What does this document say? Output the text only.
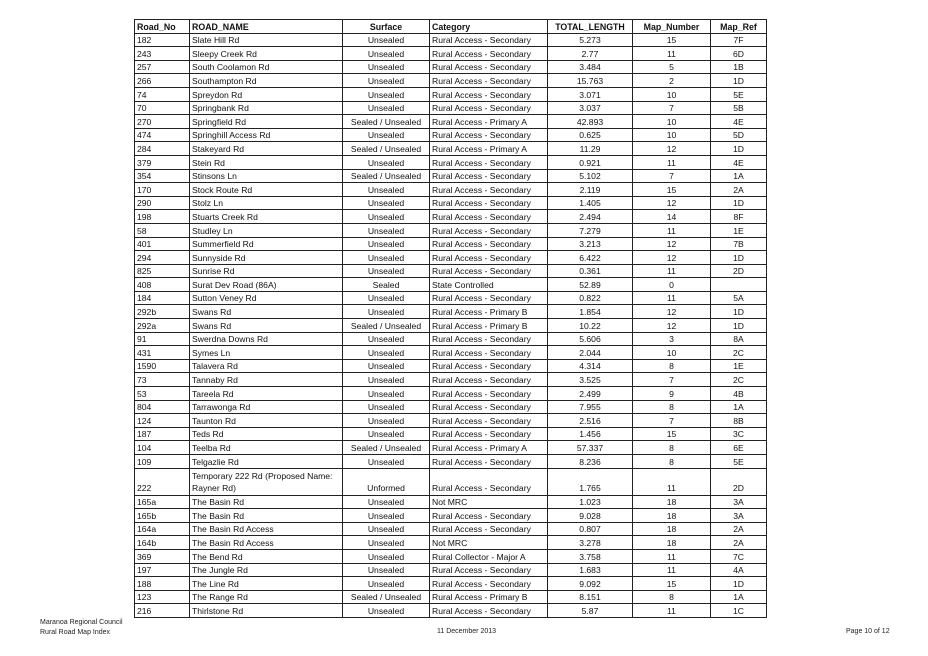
Road_No	ROAD_NAME	Surface	Category	TOTAL_LENGTH	Map_Number	Map_Ref
182	Slate Hill Rd	Unsealed	Rural Access - Secondary	5.273	15	7F
243	Sleepy Creek Rd	Unsealed	Rural Access - Secondary	2.77	11	6D
257	South Coolamon Rd	Unsealed	Rural Access - Secondary	3.484	5	1B
266	Southampton Rd	Unsealed	Rural Access - Secondary	15.763	2	1D
74	Spreydon Rd	Unsealed	Rural Access - Secondary	3.071	10	5E
70	Springbank Rd	Unsealed	Rural Access - Secondary	3.037	7	5B
270	Springfield Rd	Sealed / Unsealed	Rural Access - Primary A	42.893	10	4E
474	Springhill Access Rd	Unsealed	Rural Access - Secondary	0.625	10	5D
284	Stakeyard Rd	Sealed / Unsealed	Rural Access - Primary A	11.29	12	1D
379	Stein Rd	Unsealed	Rural Access - Secondary	0.921	11	4E
354	Stinsons Ln	Sealed / Unsealed	Rural Access - Secondary	5.102	7	1A
170	Stock Route Rd	Unsealed	Rural Access - Secondary	2.119	15	2A
290	Stolz Ln	Unsealed	Rural Access - Secondary	1.405	12	1D
198	Stuarts Creek Rd	Unsealed	Rural Access - Secondary	2.494	14	8F
58	Studley Ln	Unsealed	Rural Access - Secondary	7.279	11	1E
401	Summerfield Rd	Unsealed	Rural Access - Secondary	3.213	12	7B
294	Sunnyside Rd	Unsealed	Rural Access - Secondary	6.422	12	1D
825	Sunrise Rd	Unsealed	Rural Access - Secondary	0.361	11	2D
408	Surat Dev Road (86A)	Sealed	State Controlled	52.89	0	
184	Sutton Veney Rd	Unsealed	Rural Access - Secondary	0.822	11	5A
292b	Swans Rd	Unsealed	Rural Access - Primary B	1.854	12	1D
292a	Swans Rd	Sealed / Unsealed	Rural Access - Primary B	10.22	12	1D
91	Swerdna Downs Rd	Unsealed	Rural Access - Secondary	5.606	3	8A
431	Symes Ln	Unsealed	Rural Access - Secondary	2.044	10	2C
1590	Talavera Rd	Unsealed	Rural Access - Secondary	4.314	8	1E
73	Tannaby Rd	Unsealed	Rural Access - Secondary	3.525	7	2C
53	Tareela Rd	Unsealed	Rural Access - Secondary	2.499	9	4B
804	Tarrawonga Rd	Unsealed	Rural Access - Secondary	7.955	8	1A
124	Taunton Rd	Unsealed	Rural Access - Secondary	2.516	7	8B
187	Teds Rd	Unsealed	Rural Access - Secondary	1.456	15	3C
104	Teelba Rd	Sealed / Unsealed	Rural Access - Primary A	57.337	8	6E
109	Telgazlie Rd	Unsealed	Rural Access - Secondary	8.236	8	5E
222	Temporary 222 Rd (Proposed Name: Rayner Rd)	Unformed	Rural Access - Secondary	1.765	11	2D
165a	The Basin Rd	Unsealed	Not MRC	1.023	18	3A
165b	The Basin Rd	Unsealed	Rural Access - Secondary	9.028	18	3A
164a	The Basin Rd Access	Unsealed	Rural Access - Secondary	0.807	18	2A
164b	The Basin Rd Access	Unsealed	Not MRC	3.278	18	2A
369	The Bend Rd	Unsealed	Rural Collector - Major A	3.758	11	7C
197	The Jungle Rd	Unsealed	Rural Access - Secondary	1.683	11	4A
188	The Line Rd	Unsealed	Rural Access - Secondary	9.092	15	1D
123	The Range Rd	Sealed / Unsealed	Rural Access - Primary B	8.151	8	1A
216	Thirlstone Rd	Unsealed	Rural Access - Secondary	5.87	11	1C
Maranoa Regional Council
Rural Road Map Index	11 December 2013	Page 10 of 12
